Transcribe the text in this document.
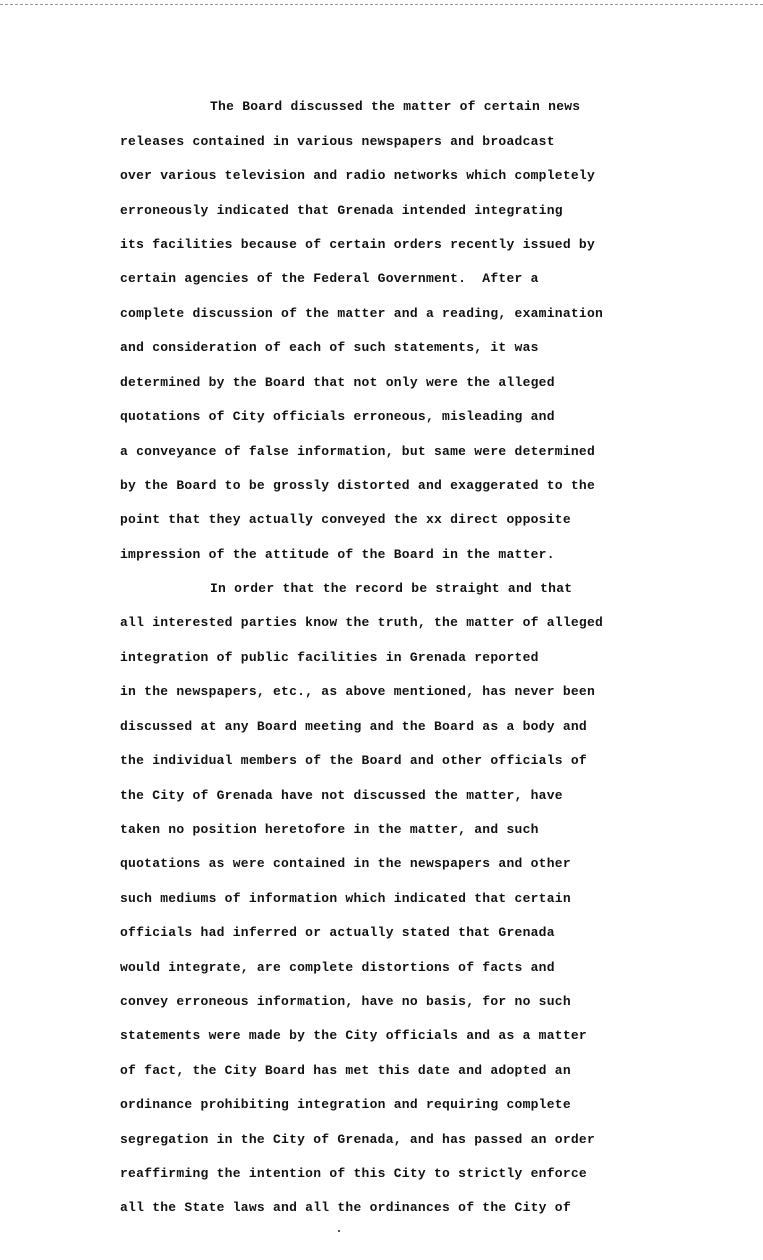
The Board discussed the matter of certain news

releases contained in various newspapers and broadcast

over various television and radio networks which completely

erroneously indicated that Grenada intended integrating

its facilities because of certain orders recently issued by

certain agencies of the Federal Government.  After a

complete discussion of the matter and a reading, examination

and consideration of each of such statements, it was

determined by the Board that not only were the alleged

quotations of City officials erroneous, misleading and

a conveyance of false information, but same were determined

by the Board to be grossly distorted and exaggerated to the

point that they actually conveyed the xx direct opposite

impression of the attitude of the Board in the matter.

In order that the record be straight and that

all interested parties know the truth, the matter of alleged

integration of public facilities in Grenada reported

in the newspapers, etc., as above mentioned, has never been

discussed at any Board meeting and the Board as a body and

the individual members of the Board and other officials of

the City of Grenada have not discussed the matter, have

taken no position heretofore in the matter, and such

quotations as were contained in the newspapers and other

such mediums of information which indicated that certain

officials had inferred or actually stated that Grenada

would integrate, are complete distortions of facts and

convey erroneous information, have no basis, for no such

statements were made by the City officials and as a matter

of fact, the City Board has met this date and adopted an

ordinance prohibiting integration and requiring complete

segregation in the City of Grenada, and has passed an order

reaffirming the intention of this City to strictly enforce

all the State laws and all the ordinances of the City of
